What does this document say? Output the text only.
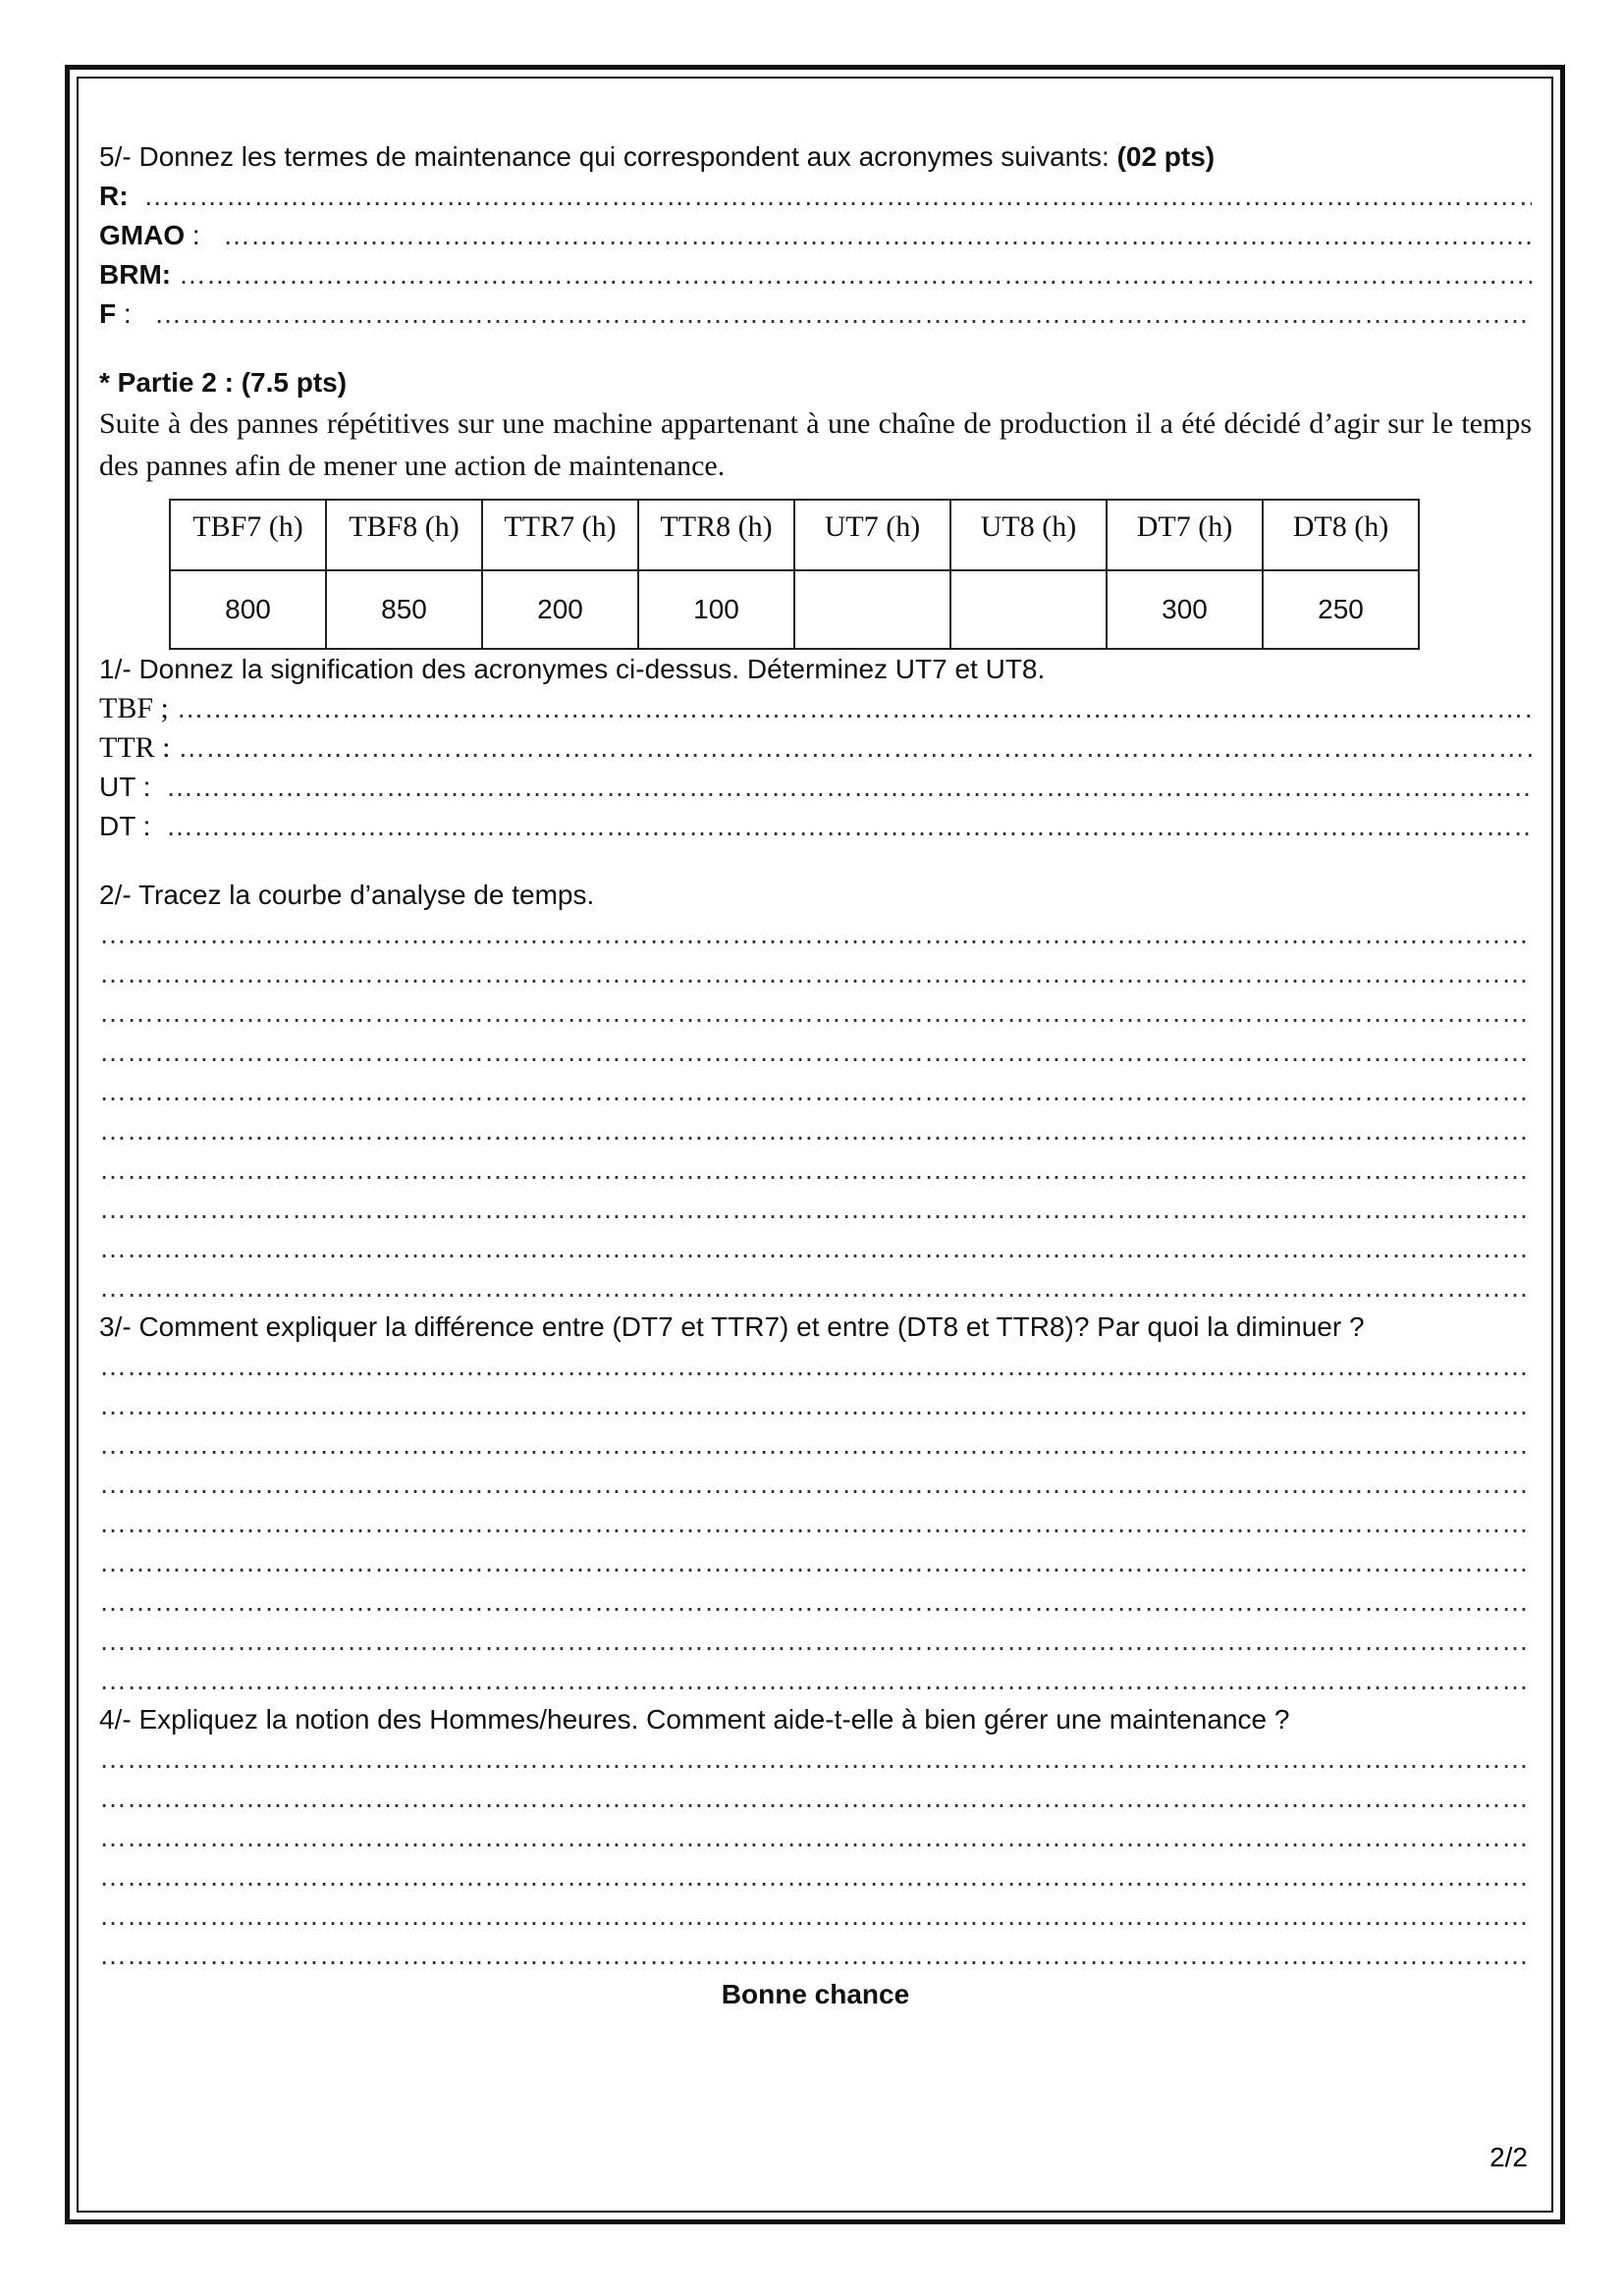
5/- Donnez les termes de maintenance qui correspondent aux acronymes suivants: (02 pts)
R:   ………………………………………………………………………………………………………………………………………………………………………………………………………………………………………………………………………………
GMAO :    ………………………………………………………………………………………………………………………………………………………………………………………………………………………………………………………………………………
BRM:  ………………………………………………………………………………………………………………………………………………………………………………………………………………………………………………………………………………
F :    ………………………………………………………………………………………………………………………………………………………………………………………………………………………………………………………………………………
* Partie 2 : (7.5 pts)
Suite à des pannes répétitives sur une machine appartenant à une chaîne de production il a été décidé d’agir sur le temps des pannes afin de mener une action de maintenance.
TBF7 (h)	TBF8 (h)	TTR7 (h)	TTR8 (h)	UT7 (h)	UT8 (h)	DT7 (h)	DT8 (h)
800	850	200	100			300	250
1/- Donnez la signification des acronymes ci-dessus. Déterminez UT7 et UT8.
TBF ;  ………………………………………………………………………………………………………………………………………………………………………………………………………………………………………………………………………………
TTR :  ………………………………………………………………………………………………………………………………………………………………………………………………………………………………………………………………………………
UT :   ………………………………………………………………………………………………………………………………………………………………………………………………………………………………………………………………………………
DT :   ………………………………………………………………………………………………………………………………………………………………………………………………………………………………………………………………………………
2/- Tracez la courbe d’analyse de temps.
………………………………………………………………………………………………………………………………………………………………………………………………………………………………………………………………………………
………………………………………………………………………………………………………………………………………………………………………………………………………………………………………………………………………………
………………………………………………………………………………………………………………………………………………………………………………………………………………………………………………………………………………
………………………………………………………………………………………………………………………………………………………………………………………………………………………………………………………………………………
………………………………………………………………………………………………………………………………………………………………………………………………………………………………………………………………………………
………………………………………………………………………………………………………………………………………………………………………………………………………………………………………………………………………………
………………………………………………………………………………………………………………………………………………………………………………………………………………………………………………………………………………
………………………………………………………………………………………………………………………………………………………………………………………………………………………………………………………………………………
………………………………………………………………………………………………………………………………………………………………………………………………………………………………………………………………………………
………………………………………………………………………………………………………………………………………………………………………………………………………………………………………………………………………………
3/- Comment expliquer la différence entre (DT7 et TTR7) et entre (DT8 et TTR8)? Par quoi la diminuer ?
………………………………………………………………………………………………………………………………………………………………………………………………………………………………………………………………………………
………………………………………………………………………………………………………………………………………………………………………………………………………………………………………………………………………………
………………………………………………………………………………………………………………………………………………………………………………………………………………………………………………………………………………
………………………………………………………………………………………………………………………………………………………………………………………………………………………………………………………………………………
………………………………………………………………………………………………………………………………………………………………………………………………………………………………………………………………………………
………………………………………………………………………………………………………………………………………………………………………………………………………………………………………………………………………………
………………………………………………………………………………………………………………………………………………………………………………………………………………………………………………………………………………
………………………………………………………………………………………………………………………………………………………………………………………………………………………………………………………………………………
………………………………………………………………………………………………………………………………………………………………………………………………………………………………………………………………………………
4/- Expliquez la notion des Hommes/heures. Comment aide-t-elle à bien gérer une maintenance ?
………………………………………………………………………………………………………………………………………………………………………………………………………………………………………………………………………………
………………………………………………………………………………………………………………………………………………………………………………………………………………………………………………………………………………
………………………………………………………………………………………………………………………………………………………………………………………………………………………………………………………………………………
………………………………………………………………………………………………………………………………………………………………………………………………………………………………………………………………………………
………………………………………………………………………………………………………………………………………………………………………………………………………………………………………………………………………………
………………………………………………………………………………………………………………………………………………………………………………………………………………………………………………………………………………
Bonne chance
2/2
